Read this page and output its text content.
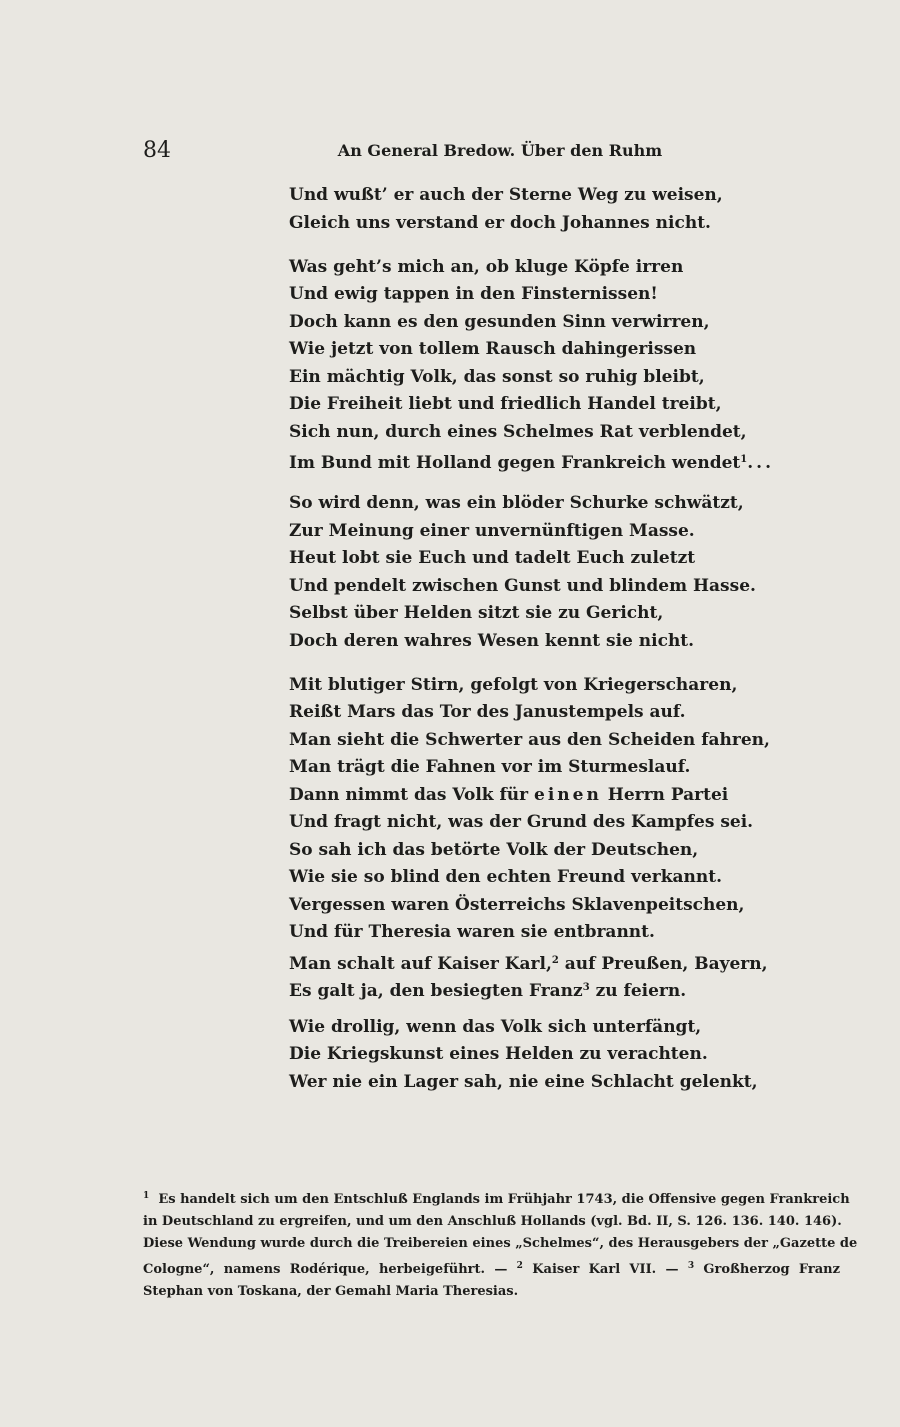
84	An General Bredow. Über den Ruhm
Und wußt’ er auch der Sterne Weg zu weisen,
Gleich uns verstand er doch Johannes nicht.
Was geht’s mich an, ob kluge Köpfe irren
Und ewig tappen in den Finsternissen!
Doch kann es den gesunden Sinn verwirren,
Wie jetzt von tollem Rausch dahingerissen
Ein mächtig Volk, das sonst so ruhig bleibt,
Die Freiheit liebt und friedlich Handel treibt,
Sich nun, durch eines Schelmes Rat verblendet,
Im Bund mit Holland gegen Frankreich wendet$^1$...
So wird denn, was ein blöder Schurke schwätzt,
Zur Meinung einer unvernünftigen Masse.
Heut lobt sie Euch und tadelt Euch zuletzt
Und pendelt zwischen Gunst und blindem Hasse.
Selbst über Helden sitzt sie zu Gericht,
Doch deren wahres Wesen kennt sie nicht.
Mit blutiger Stirn, gefolgt von Kriegerscharen,
Reißt Mars das Tor des Janustempels auf.
Man sieht die Schwerter aus den Scheiden fahren,
Man trägt die Fahnen vor im Sturmeslauf.
Dann nimmt das Volk für einen Herrn Partei
Und fragt nicht, was der Grund des Kampfes sei.
So sah ich das betörte Volk der Deutschen,
Wie sie so blind den echten Freund verkannt.
Vergessen waren Österreichs Sklavenpeitschen,
Und für Theresia waren sie entbrannt.
Man schalt auf Kaiser Karl,$^2$ auf Preußen, Bayern,
Es galt ja, den besiegten Franz$^3$ zu feiern.
Wie drollig, wenn das Volk sich unterfängt,
Die Kriegskunst eines Helden zu verachten.
Wer nie ein Lager sah, nie eine Schlacht gelenkt,
$^1$ Es handelt sich um den Entschluß Englands im Frühjahr 1743, die Offensive gegen Frankreich
in Deutschland zu ergreifen, und um den Anschluß Hollands (vgl. Bd. II, S. 126. 136. 140. 146).
Diese Wendung wurde durch die Treibereien eines „Schelmes“, des Herausgebers der „Gazette de
Cologne“, namens Rodérique, herbeigeführt. — $^2$ Kaiser Karl VII. — $^3$ Großherzog Franz
Stephan von Toskana, der Gemahl Maria Theresias.
